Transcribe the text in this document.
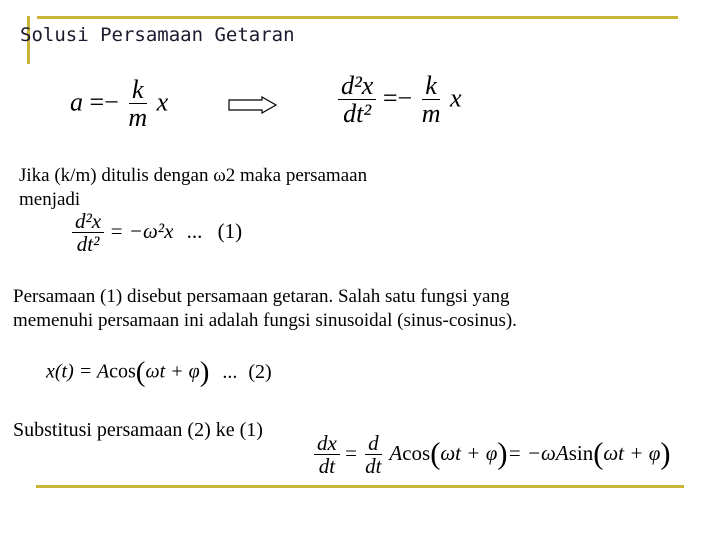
Solusi Persamaan Getaran
$a =- \frac{k}{m}$ x	$\frac{\text{d²x}}{\text{dt²}} =- \frac{k}{m}$ x
Jika (k/m) ditulis dengan ω2 maka persamaan
menjadi
$\frac{\text{d²x}}{\text{dt²}} = -\omega^2x$ ... (1)
Persamaan (1) disebut persamaan getaran. Salah satu fungsi yang
memenuhi persamaan ini adalah fungsi sinusoidal (sinus-cosinus).
x(t) = Acos(ωt + φ) ... (2)
Substitusi persamaan (2) ke (1)
$\frac{dx}{dt} = \frac{d}{dt} Acos(\omega t + \varphi)= -\omega Asin(\omega t + \varphi)$
